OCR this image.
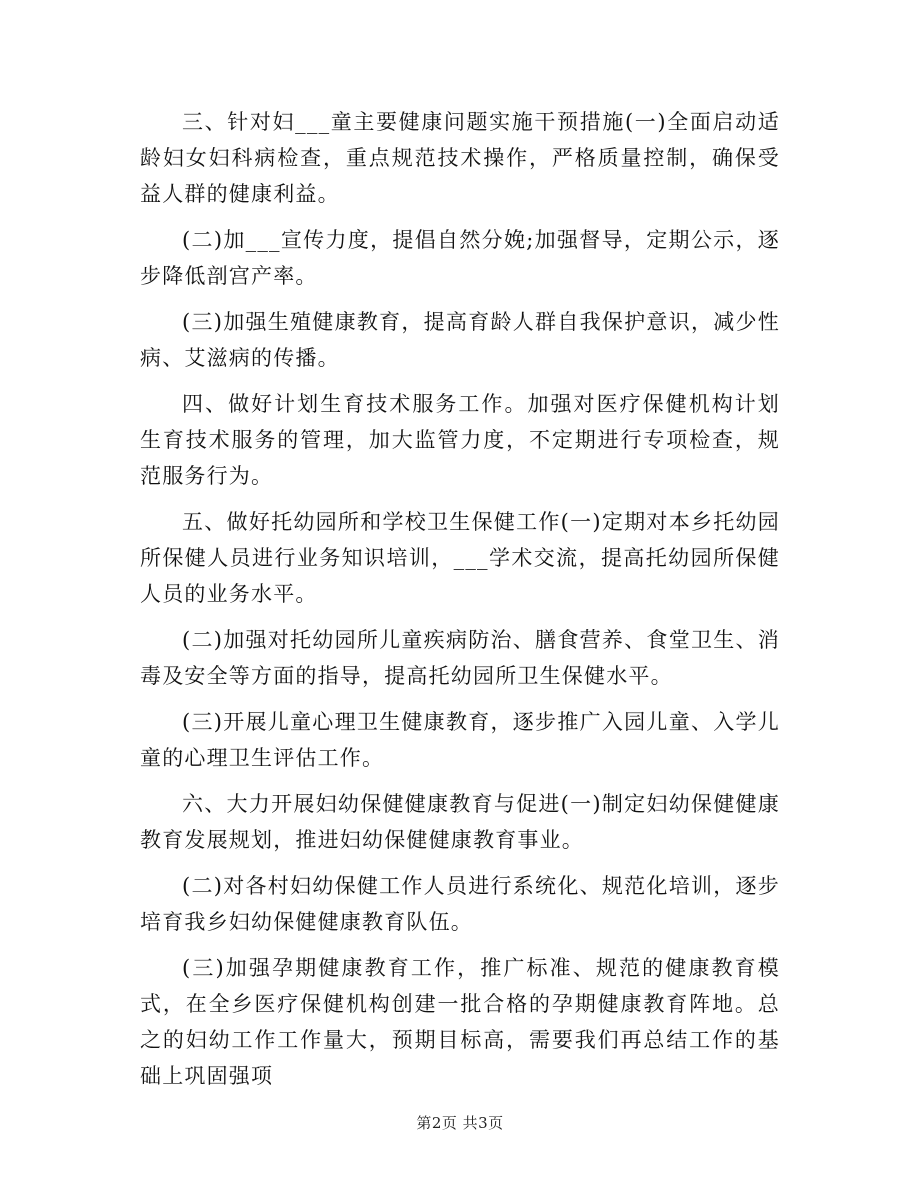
三、针对妇___童主要健康问题实施干预措施(一)全面启动适龄妇女妇科病检查，重点规范技术操作，严格质量控制，确保受益人群的健康利益。

(二)加___宣传力度，提倡自然分娩;加强督导，定期公示，逐步降低剖宫产率。

(三)加强生殖健康教育，提高育龄人群自我保护意识，减少性病、艾滋病的传播。

四、做好计划生育技术服务工作。加强对医疗保健机构计划生育技术服务的管理，加大监管力度，不定期进行专项检查，规范服务行为。

五、做好托幼园所和学校卫生保健工作(一)定期对本乡托幼园所保健人员进行业务知识培训，___学术交流，提高托幼园所保健人员的业务水平。

(二)加强对托幼园所儿童疾病防治、膳食营养、食堂卫生、消毒及安全等方面的指导，提高托幼园所卫生保健水平。

(三)开展儿童心理卫生健康教育，逐步推广入园儿童、入学儿童的心理卫生评估工作。

六、大力开展妇幼保健健康教育与促进(一)制定妇幼保健健康教育发展规划，推进妇幼保健健康教育事业。

(二)对各村妇幼保健工作人员进行系统化、规范化培训，逐步培育我乡妇幼保健健康教育队伍。

(三)加强孕期健康教育工作，推广标准、规范的健康教育模式，在全乡医疗保健机构创建一批合格的孕期健康教育阵地。总之的妇幼工作工作量大，预期目标高，需要我们再总结工作的基础上巩固强项

第2页 共3页
